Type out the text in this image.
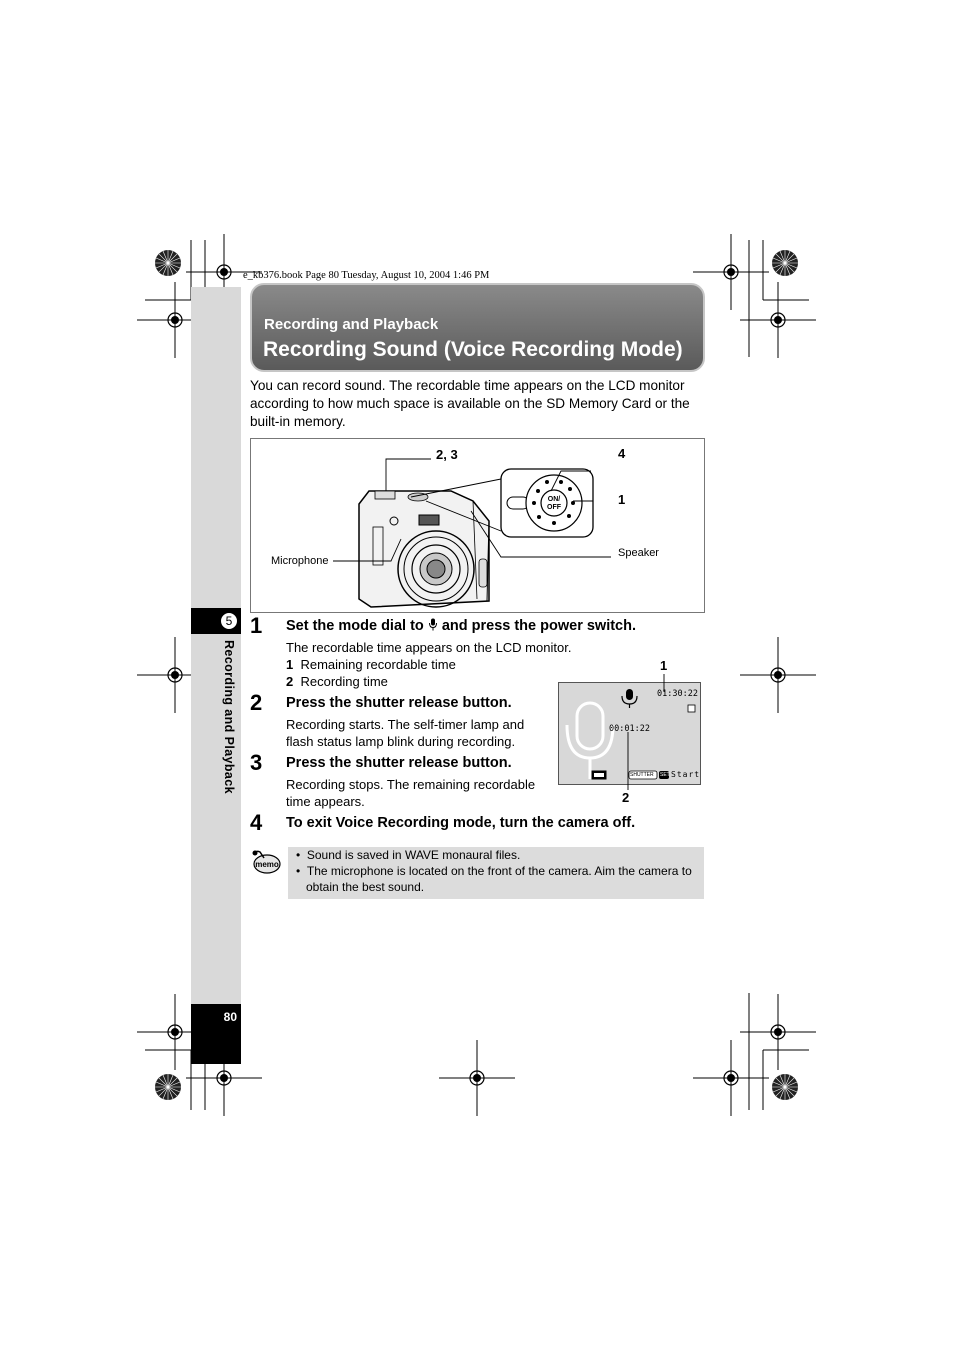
e_kb376.book Page 80 Tuesday, August 10, 2004 1:46 PM
5
Recording and Playback
80
Recording and Playback
Recording Sound (Voice Recording Mode)
You can record sound. The recordable time appears on the LCD monitor according to how much space is available on the SD Memory Card or the built-in memory.
ON/
OFF
2, 3	4
1
Speaker
Microphone
1 Set the mode dial to  and press the power switch.
The recordable time appears on the LCD monitor.
1 Remaining recordable time
2 Recording time
2 Press the shutter release button.
Recording starts. The self-timer lamp and flash status lamp blink during recording.
3 Press the shutter release button.
Recording stops. The remaining recordable time appears.
4 To exit Voice Recording mode, turn the camera off.
1
01:30:22
00:01:22
SHUTTER SET Start
2
memo
•  Sound is saved in WAVE monaural files.
•  The microphone is located on the front of the camera. Aim the camera to obtain the best sound.
